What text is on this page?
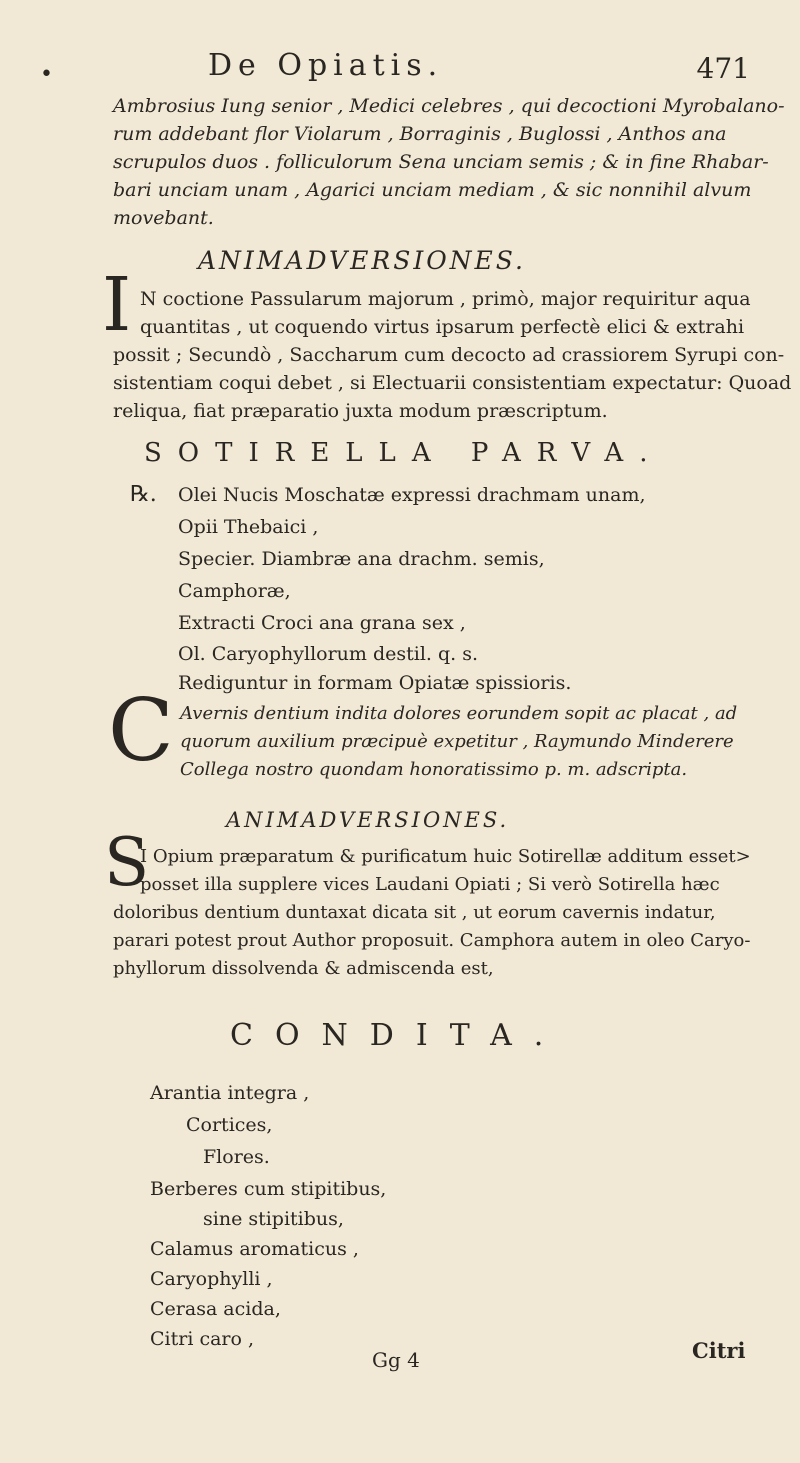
•	De Opiatis.	471
Ambrosius Iung senior , Medici celebres , qui decoctioni Myrobalano-
rum addebant flor Violarum , Borraginis , Buglossi , Anthos ana
scrupulos duos . folliculorum Sena unciam semis ; & in fine Rhabar-
bari unciam unam , Agarici unciam mediam , & sic nonnihil alvum
movebant.
ANIMADVERSIONES.
I N coctione Passularum majorum , primò, major requiritur aqua
quantitas , ut coquendo virtus ipsarum perfectè elici & extrahi
possit ; Secundò , Saccharum cum decocto ad crassiorem Syrupi con-
sistentiam coqui debet , si Electuarii consistentiam expectatur: Quoad
reliqua, fiat præparatio juxta modum præscriptum.
SOTIRELLA PARVA.
℞. Olei Nucis Moschatæ expressi drachmam unam,
Opii Thebaici ,
Specier. Diambræ ana drachm. semis,
Camphoræ,
Extracti Croci ana grana sex ,
Ol. Caryophyllorum destil. q. s.
Rediguntur in formam Opiatæ spissioris.
C Avernis dentium indita dolores eorundem sopit ac placat , ad
quorum auxilium præcipuè expetitur , Raymundo Minderere
Collega nostro quondam honoratissimo p. m. adscripta.
ANIMADVERSIONES.
S
I Opium præparatum & purificatum huic Sotirellæ additum esset>
posset illa supplere vices Laudani Opiati ; Si verò Sotirella hæc
doloribus dentium duntaxat dicata sit , ut eorum cavernis indatur,
parari potest prout Author proposuit. Camphora autem in oleo Caryo-
phyllorum dissolvenda & admiscenda est,
CONDITA.
Arantia integra ,
Cortices,
Flores.
Berberes cum stipitibus,
sine stipitibus,
Calamus aromaticus ,
Caryophylli ,
Cerasa acida,
Citri caro ,
Gg 4	Citri
